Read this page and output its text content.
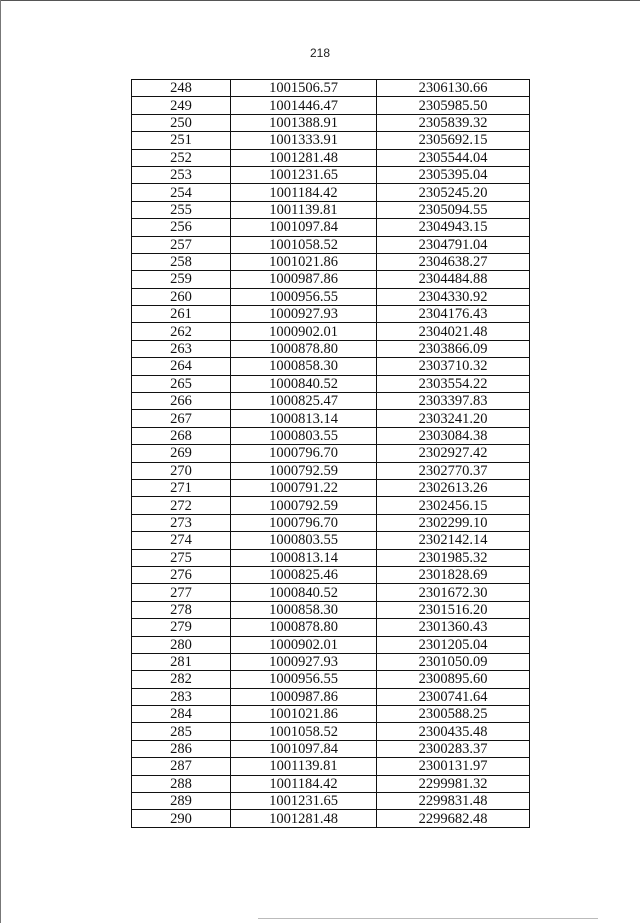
218
248	1001506.57	2306130.66
249	1001446.47	2305985.50
250	1001388.91	2305839.32
251	1001333.91	2305692.15
252	1001281.48	2305544.04
253	1001231.65	2305395.04
254	1001184.42	2305245.20
255	1001139.81	2305094.55
256	1001097.84	2304943.15
257	1001058.52	2304791.04
258	1001021.86	2304638.27
259	1000987.86	2304484.88
260	1000956.55	2304330.92
261	1000927.93	2304176.43
262	1000902.01	2304021.48
263	1000878.80	2303866.09
264	1000858.30	2303710.32
265	1000840.52	2303554.22
266	1000825.47	2303397.83
267	1000813.14	2303241.20
268	1000803.55	2303084.38
269	1000796.70	2302927.42
270	1000792.59	2302770.37
271	1000791.22	2302613.26
272	1000792.59	2302456.15
273	1000796.70	2302299.10
274	1000803.55	2302142.14
275	1000813.14	2301985.32
276	1000825.46	2301828.69
277	1000840.52	2301672.30
278	1000858.30	2301516.20
279	1000878.80	2301360.43
280	1000902.01	2301205.04
281	1000927.93	2301050.09
282	1000956.55	2300895.60
283	1000987.86	2300741.64
284	1001021.86	2300588.25
285	1001058.52	2300435.48
286	1001097.84	2300283.37
287	1001139.81	2300131.97
288	1001184.42	2299981.32
289	1001231.65	2299831.48
290	1001281.48	2299682.48
